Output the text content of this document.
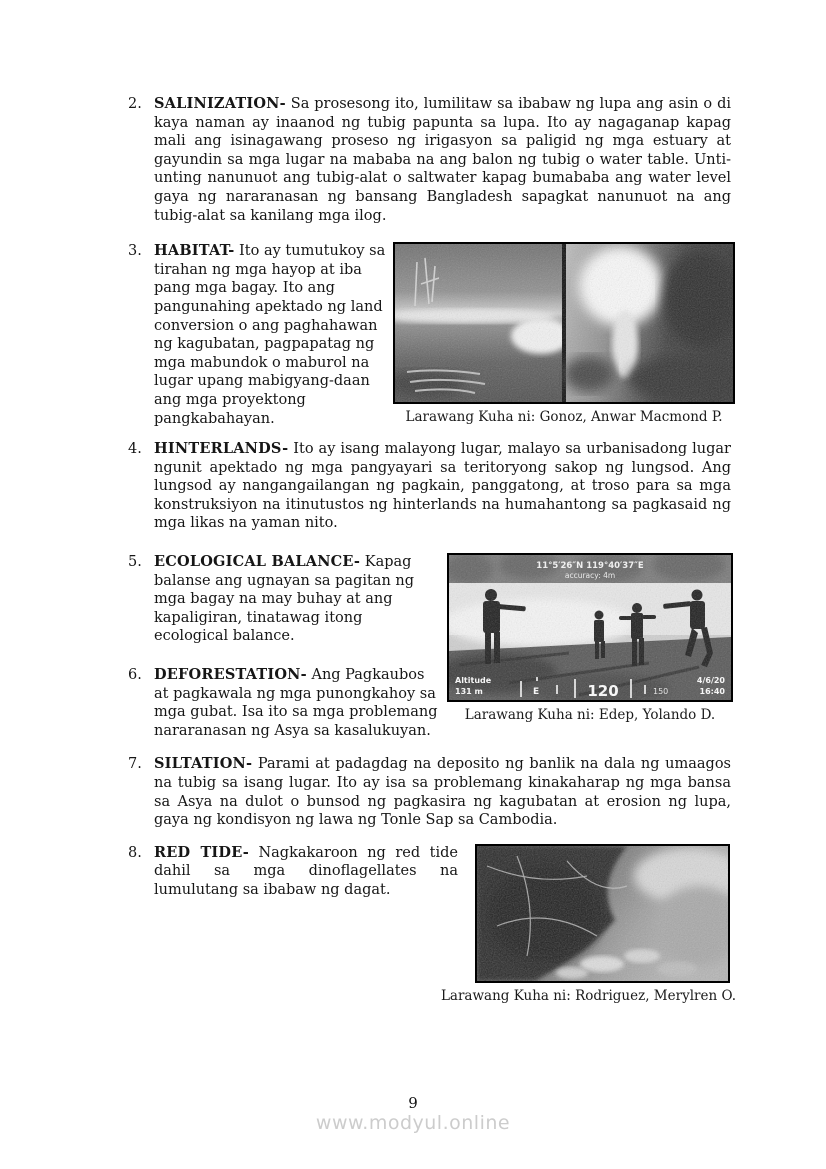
2. SALINIZATION- Sa prosesong ito, lumilitaw sa ibabaw ng lupa ang asin o di kaya naman ay inaanod ng tubig papunta sa lupa. Ito ay nagaganap kapag mali ang isinagawang proseso ng irigasyon sa paligid ng mga estuary at gayundin sa mga lugar na mababa na ang balon ng tubig o water table. Unti-unting nanunuot ang tubig-alat o saltwater kapag bumababa ang water level gaya ng nararanasan ng bansang Bangladesh sapagkat nanunuot na ang tubig-alat sa kanilang mga ilog.

3. HABITAT- Ito ay tumutukoy sa tirahan ng mga hayop at iba pang mga bagay. Ito ang pangunahing apektado ng land conversion o ang paghahawan ng kagubatan, pagpapatag ng mga mabundok o maburol na lugar upang mabigyang-daan ang mga proyektong pangkabahayan.	Larawang Kuha ni: Gonoz, Anwar Macmond P.
4. HINTERLANDS- Ito ay isang malayong lugar, malayo sa urbanisadong lugar ngunit apektado ng mga pangyayari sa teritoryong sakop ng lungsod. Ang lungsod ay nangangailangan ng pagkain, panggatong, at troso para sa mga konstruksiyon na itinutustos ng hinterlands na humahantong sa pagkasaid ng mga likas na yaman nito.

5. ECOLOGICAL BALANCE- Kapag balanse ang ugnayan sa pagitan ng mga bagay na may buhay at ang kapaligiran, tinatawag itong ecological balance.

6. DEFORESTATION- Ang Pagkaubos at pagkawala ng mga punongkahoy sa mga gubat. Isa ito sa mga problemang nararanasan ng Asya sa kasalukuyan.

11°5′26″N 119°40′37″E
accuracy: 4m
Altitude
131 m	E	120	150
4/6/20
16:40
Larawang Kuha ni: Edep, Yolando D.
7. SILTATION- Parami at padagdag na deposito ng banlik na dala ng umaagos na tubig sa isang lugar. Ito ay isa sa problemang kinakaharap ng mga bansa sa Asya na dulot o bunsod ng pagkasira ng kagubatan at erosion ng lupa, gaya ng kondisyon ng lawa ng Tonle Sap sa Cambodia.

8. RED TIDE- Nagkakaroon ng red tide dahil sa mga dinoflagellates na lumulutang sa ibabaw ng dagat.

Larawang Kuha ni: Rodriguez, Merylren O.
9
www.modyul.online
